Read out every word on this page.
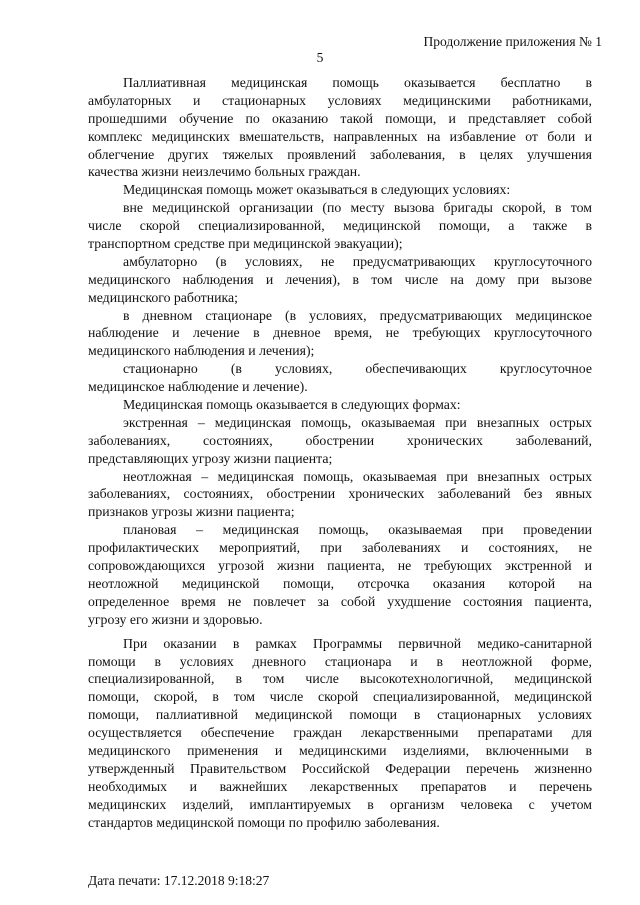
Продолжение приложения № 1
5
Паллиативная медицинская помощь оказывается бесплатно в
амбулаторных и стационарных условиях медицинскими работниками,
прошедшими обучение по оказанию такой помощи, и представляет собой
комплекс медицинских вмешательств, направленных на избавление от боли и
облегчение других тяжелых проявлений заболевания, в целях улучшения
качества жизни неизлечимо больных граждан.
Медицинская помощь может оказываться в следующих условиях:
вне медицинской организации (по месту вызова бригады скорой, в том
числе скорой специализированной, медицинской помощи, а также в
транспортном средстве при медицинской эвакуации);
амбулаторно (в условиях, не предусматривающих круглосуточного
медицинского наблюдения и лечения), в том числе на дому при вызове
медицинского работника;
в дневном стационаре (в условиях, предусматривающих медицинское
наблюдение и лечение в дневное время, не требующих круглосуточного
медицинского наблюдения и лечения);
стационарно (в условиях, обеспечивающих круглосуточное
медицинское наблюдение и лечение).
Медицинская помощь оказывается в следующих формах:
экстренная – медицинская помощь, оказываемая при внезапных острых
заболеваниях, состояниях, обострении хронических заболеваний,
представляющих угрозу жизни пациента;
неотложная – медицинская помощь, оказываемая при внезапных острых
заболеваниях, состояниях, обострении хронических заболеваний без явных
признаков угрозы жизни пациента;
плановая – медицинская помощь, оказываемая при проведении
профилактических мероприятий, при заболеваниях и состояниях, не
сопровождающихся угрозой жизни пациента, не требующих экстренной и
неотложной медицинской помощи, отсрочка оказания которой на
определенное время не повлечет за собой ухудшение состояния пациента,
угрозу его жизни и здоровью.
При оказании в рамках Программы первичной медико-санитарной
помощи в условиях дневного стационара и в неотложной форме,
специализированной, в том числе высокотехнологичной, медицинской
помощи, скорой, в том числе скорой специализированной, медицинской
помощи, паллиативной медицинской помощи в стационарных условиях
осуществляется обеспечение граждан лекарственными препаратами для
медицинского применения и медицинскими изделиями, включенными в
утвержденный Правительством Российской Федерации перечень жизненно
необходимых и важнейших лекарственных препаратов и перечень
медицинских изделий, имплантируемых в организм человека с учетом
стандартов медицинской помощи по профилю заболевания.
Дата печати: 17.12.2018 9:18:27
